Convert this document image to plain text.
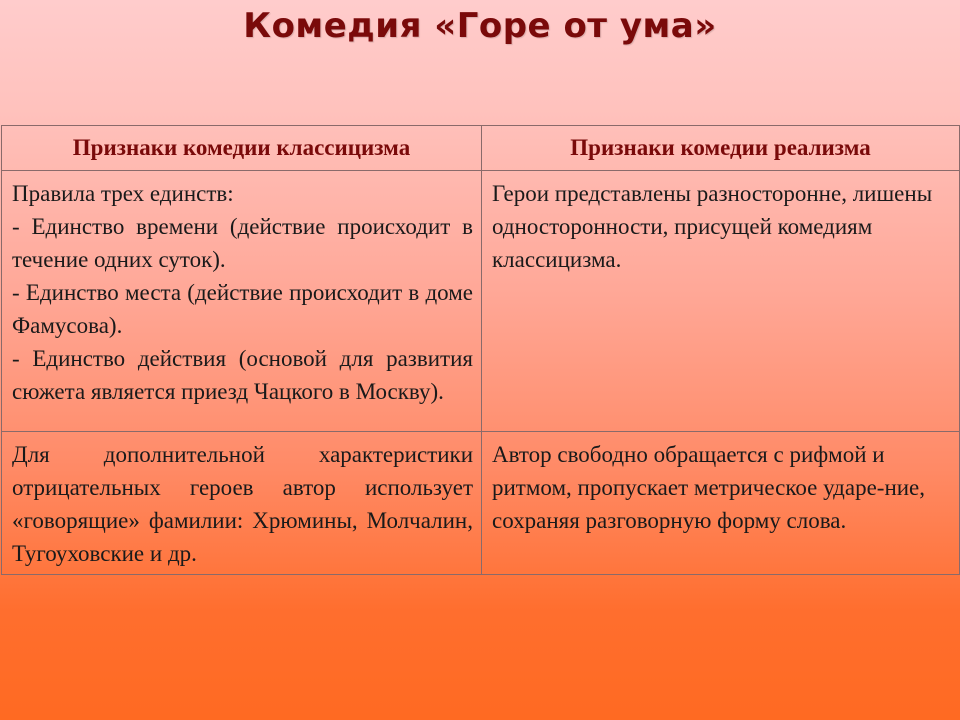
Комедия «Горе от ума»
Признаки комедии классицизма	Признаки комедии реализма

Правила трех единств:

- Единство времени (действие происходит в течение одних суток).

- Единство места (действие происходит в доме Фамусова).

- Единство действия (основой для развития сюжета является приезд Чацкого в Москву).	Герои представлены разносторонне, лишены односторонности, присущей комедиям классицизма.

Для дополнительной характеристики отрицательных героев автор использует «говорящие» фамилии: Хрюмины, Молчалин, Тугоуховские и др.	Автор свободно обращается с рифмой и ритмом, пропускает метрическое ударе-ние, сохраняя разговорную форму слова.
